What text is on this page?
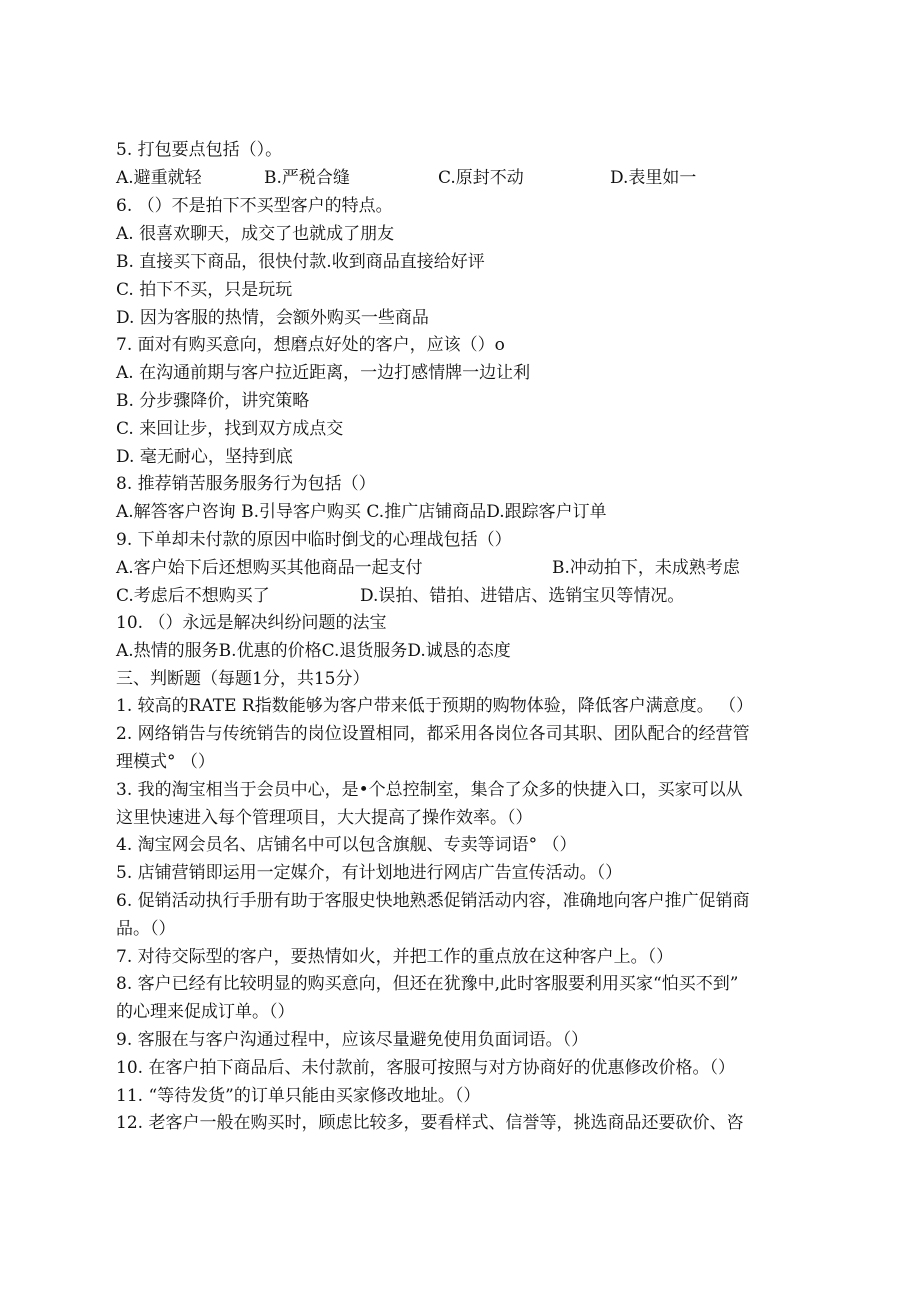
5. 打包要点包括（）。
A.避重就轻	B.严税合缝	C.原封不动	D.表里如一
6. （）不是拍下不买型客户的特点。
A. 很喜欢聊天，成交了也就成了朋友
B. 直接买下商品，很快付款.收到商品直接给好评
C. 拍下不买，只是玩玩
D. 因为客服的热情，会额外购买一些商品
7. 面对有购买意向，想磨点好处的客户，应该（）o
A. 在沟通前期与客户拉近距离，一边打感情牌一边让利
B. 分步骤降价，讲究策略
C. 来回让步，找到双方成点交
D. 毫无耐心，坚持到底
8. 推荐销苦服务服务行为包括（）
A.解答客户咨询 B.引导客户购买 C.推广店铺商品D.跟踪客户订单
9. 下单却未付款的原因中临时倒戈的心理战包括（）
A.客户始下后还想购买其他商品一起支付	B.冲动拍下，未成熟考虑
C.考虑后不想购买了	D.误拍、错拍、进错店、选销宝贝等情况。
10. （）永远是解决纠纷问题的法宝
A.热情的服务B.优惠的价格C.退货服务D.诚恳的态度
三、判断题（每题1分，共15分）
1. 较高的RATE R指数能够为客户带来低于预期的购物体验，降低客户满意度。 （）
2. 网络销告与传统销告的岗位设置相同，都采用各岗位各司其职、团队配合的经营管
理模式° （）
3. 我的淘宝相当于会员中心，是•个总控制室，集合了众多的快捷入口，买家可以从
这里快速进入每个管理项目，大大提高了操作效率。（）
4. 淘宝网会员名、店铺名中可以包含旗舰、专卖等词语° （）
5. 店铺营销即运用一定媒介，有计划地进行网店广告宣传活动。（）
6. 促销活动执行手册有助于客服史快地熟悉促销活动内容，准确地向客户推广促销商
品。（）
7. 对待交际型的客户，要热情如火，并把工作的重点放在这种客户上。（）
8. 客户已经有比较明显的购买意向，但还在犹豫中,此时客服要利用买家“怕买不到”
的心理来促成订单。（）
9. 客服在与客户沟通过程中，应该尽量避免使用负面词语。（）
10. 在客户拍下商品后、未付款前，客服可按照与对方协商好的优惠修改价格。（）
11. “等待发货”的订单只能由买家修改地址。（）
12. 老客户一般在购买时，顾虑比较多，要看样式、信誉等，挑选商品还要砍价、咨
